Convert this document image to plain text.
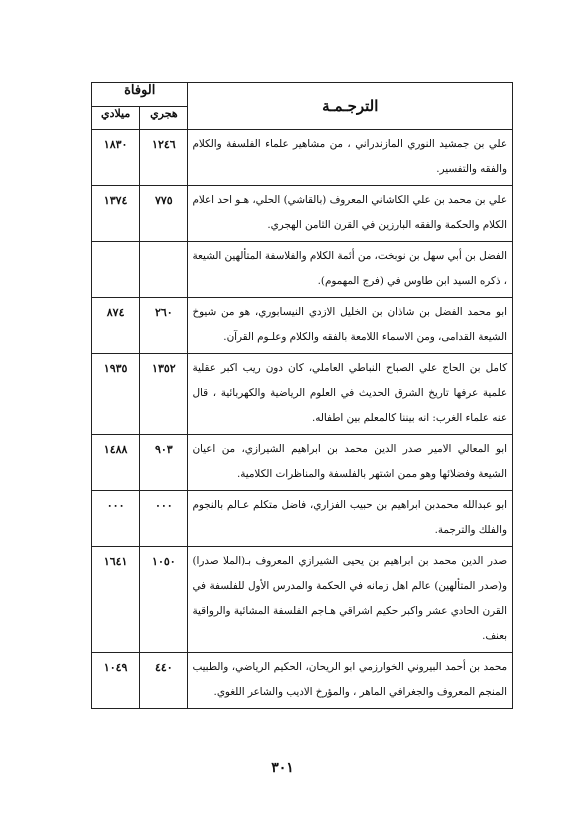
الترجـمـة	الوفاة	
	هجري	ميلادي
علي بن جمشيد النوري المازندراني ، من مشاهير علماء الفلسفة والكلام والفقه والتفسير.	١٢٤٦	١٨٣٠
علي بن محمد بن علي الكاشاني المعروف (بالقاشي) الحلي، هـو احد اعلام الكلام والحكمة والفقه البارزين في القرن الثامن الهجري.	٧٧٥	١٣٧٤
الفضل بن أبي سهل بن نوبخت، من أئمة الكلام والفلاسفة المتألهين الشيعة ، ذكره السيد ابن طاوس في (فرج المهموم).		
ابو محمد الفضل بن شاذان بن الخليل الازدي النيسابوري، هو من شيوخ الشيعة القدامى، ومن الاسماء اللامعة بالفقه والكلام وعلـوم القرآن.	٢٦٠	٨٧٤
كامل بن الحاج علي الصباح النباطي العاملي، كان دون ريب اكبر عقلية علمية عرفها تاريخ الشرق الحديث في العلوم الرياضية والكهربائية ، قال عنه علماء الغرب: انه بيننا كالمعلم بين اطفاله.	١٣٥٢	١٩٣٥
ابو المعالي الامير صدر الدين محمد بن ابراهيم الشيرازي، من اعيان الشيعة وفضلائها وهو ممن اشتهر بالفلسفة والمناظرات الكلامية.	٩٠٣	١٤٨٨
ابو عبدالله محمدبن ابراهيم بن حبيب الفزاري، فاضل متكلم عـالم بالنجوم والفلك والترجمة.	٠٠٠	٠٠٠
صدر الدين محمد بن ابراهيم بن يحيى الشيرازي المعروف بـ(الملا صدرا) و(صدر المتألهين) عالم اهل زمانه في الحكمة والمدرس الأول للفلسفة في القرن الحادي عشر واكبر حكيم اشراقي هـاجم الفلسفة المشائية والرواقية بعنف.	١٠٥٠	١٦٤١
محمد بن أحمد البيروني الخوارزمي ابو الريحان، الحكيم الرياضي، والطبيب المنجم المعروف والجغرافي الماهر ، والمؤرخ الاديب والشاعر اللغوي.	٤٤٠	١٠٤٩
٣٠١
